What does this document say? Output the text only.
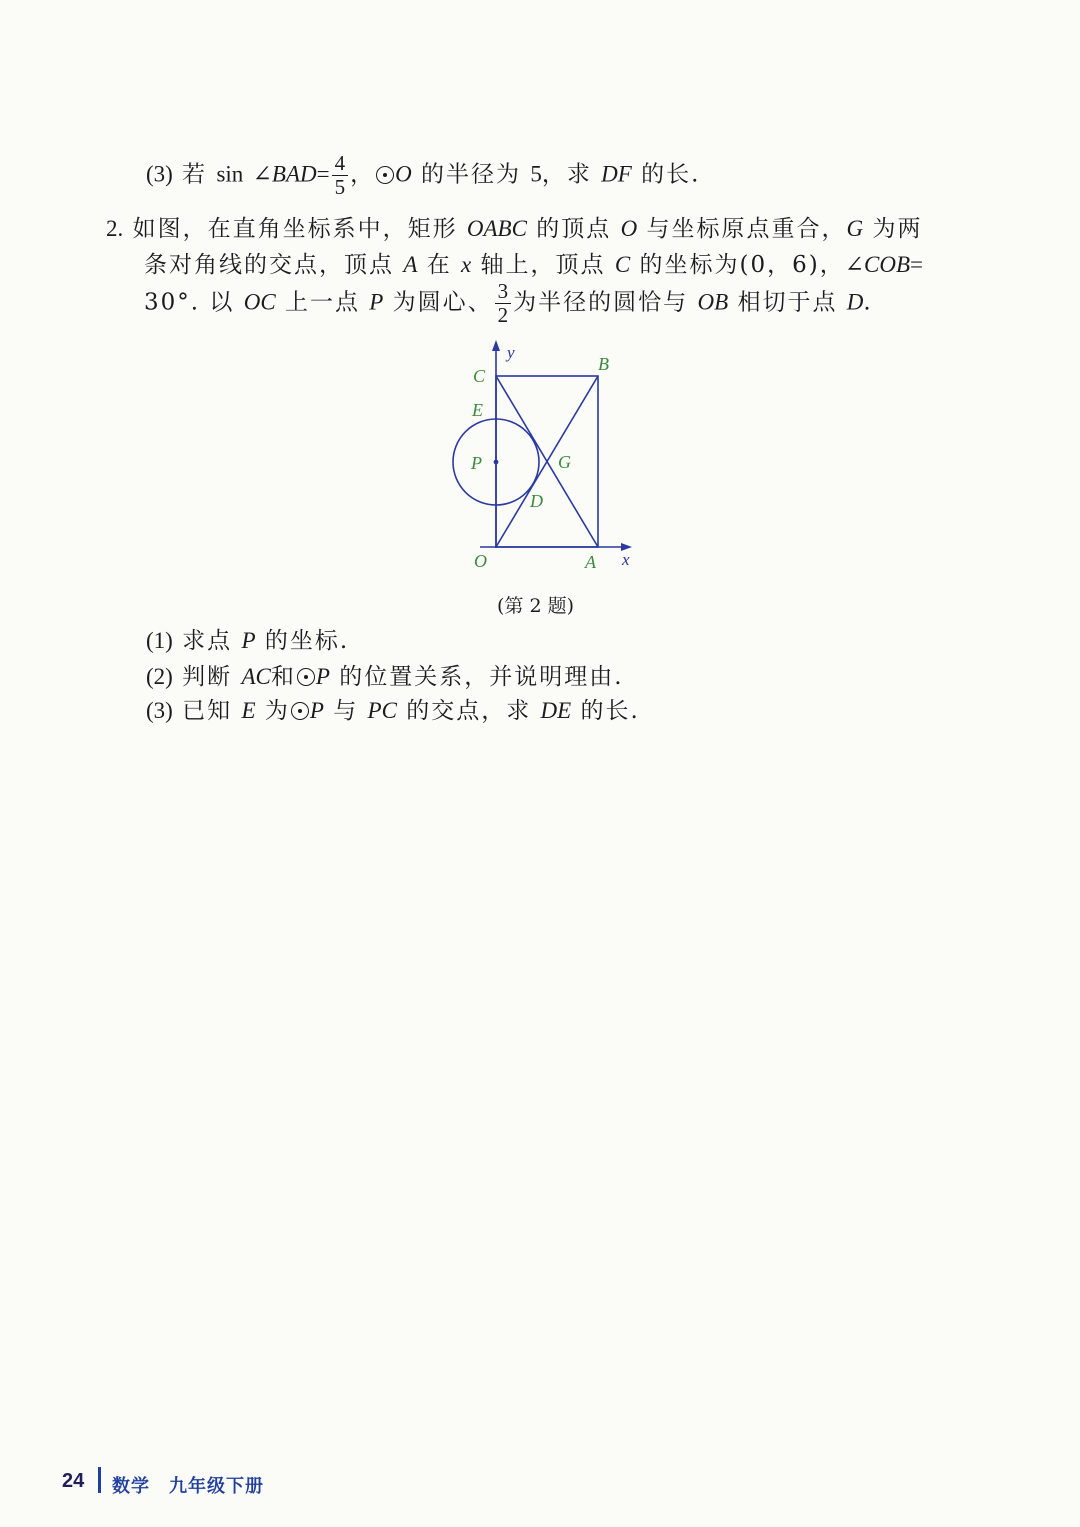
(3) 若 sin ∠BAD= $\frac{4}{5}$ ， O 的半径为 5，求 DF 的长.
2. 如图，在直角坐标系中，矩形 OABC 的顶点 O 与坐标原点重合，G 为两
条对角线的交点，顶点 A 在 x 轴上，顶点 C 的坐标为(0，6)，∠COB=
30°. 以 OC 上一点 P 为圆心、 $\frac{3}{2}$ 为半径的圆恰与 OB 相切于点 D.
C
B
E
P	G
D
O	A x
y
(第 2 题)
(1) 求点 P 的坐标.
(2) 判断 AC和 P 的位置关系，并说明理由.
(3) 已知 E 为 P 与 PC 的交点，求 DE 的长.
24 数学　九年级下册
